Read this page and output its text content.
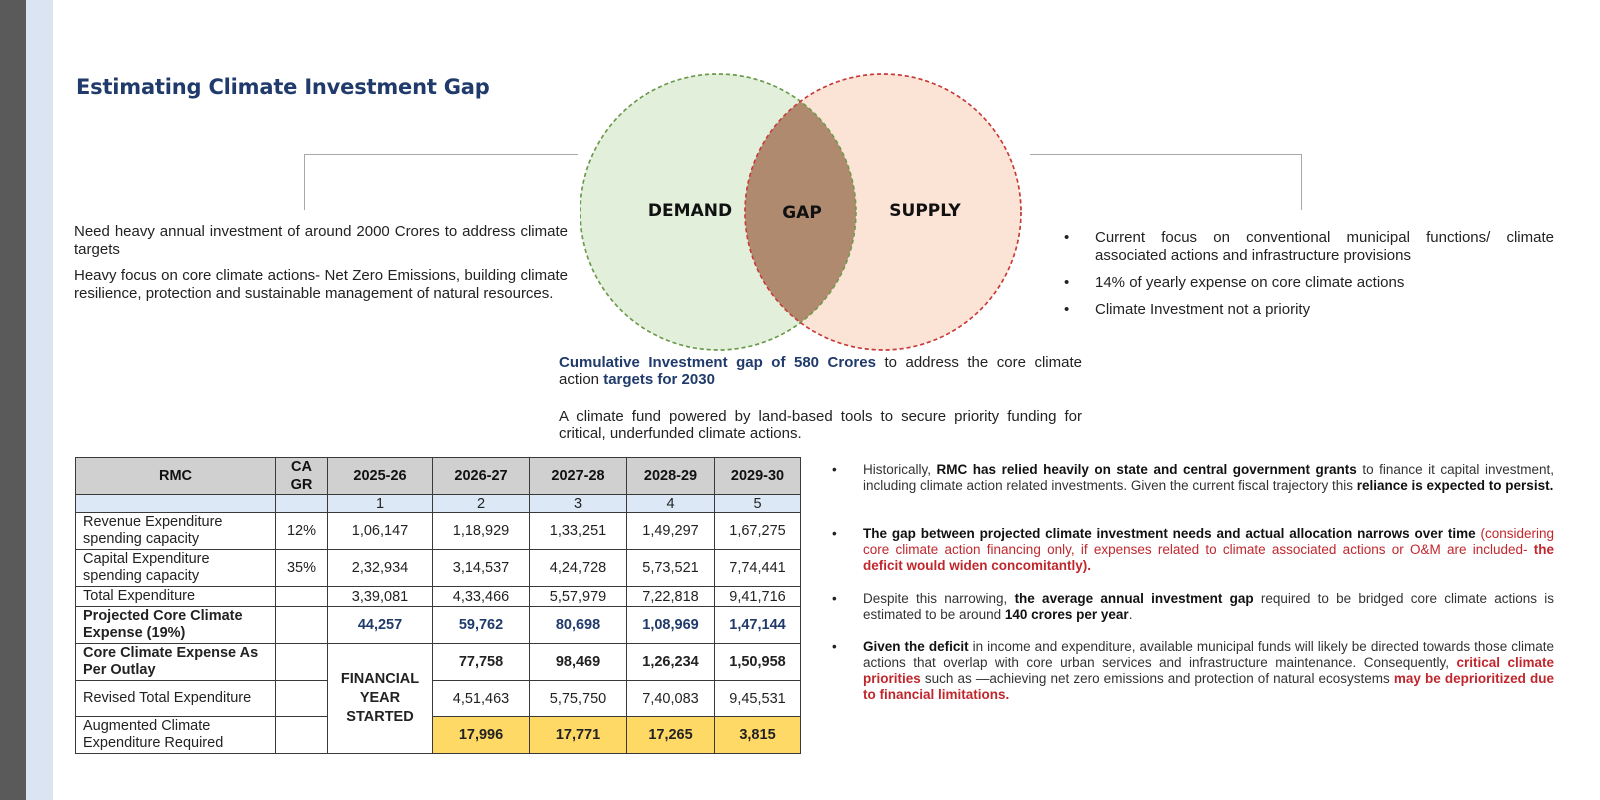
Estimating Climate Investment Gap

Need heavy annual investment of around 2000 Crores to address climate targets

Heavy focus on core climate actions- Net Zero Emissions, building climate resilience, protection and sustainable management of natural resources.

DEMAND	GAP	SUPPLY
• Current focus on conventional municipal functions/ climate associated actions and infrastructure provisions
• 14% of yearly expense on core climate actions
• Climate Investment not a priority

Cumulative Investment gap of 580 Crores to address the core climate action targets for 2030

A climate fund powered by land-based tools to secure priority funding for critical, underfunded climate actions.

RMC	CAGR	2025-26	2026-27	2027-28	2028-29	2029-30
		1	2	3	4	5
Revenue Expenditure spending capacity	12%	1,06,147	1,18,929	1,33,251	1,49,297	1,67,275
Capital Expenditure spending capacity	35%	2,32,934	3,14,537	4,24,728	5,73,521	7,74,441
Total Expenditure		3,39,081	4,33,466	5,57,979	7,22,818	9,41,716
Projected Core Climate Expense (19%)		44,257	59,762	80,698	1,08,969	1,47,144
Core Climate Expense As Per Outlay		FINANCIAL YEAR STARTED	77,758	98,469	1,26,234	1,50,958
Revised Total Expenditure			4,51,463	5,75,750	7,40,083	9,45,531
Augmented Climate Expenditure Required			17,996	17,771	17,265	3,815
• Historically, RMC has relied heavily on state and central government grants to finance it capital investment, including climate action related investments. Given the current fiscal trajectory this reliance is expected to persist.
• The gap between projected climate investment needs and actual allocation narrows over time (considering core climate action financing only, if expenses related to climate associated actions or O&M are included- the deficit would widen concomitantly).
• Despite this narrowing, the average annual investment gap required to be bridged core climate actions is estimated to be around 140 crores per year.
• Given the deficit in income and expenditure, available municipal funds will likely be directed towards those climate actions that overlap with core urban services and infrastructure maintenance. Consequently, critical climate priorities such as —achieving net zero emissions and protection of natural ecosystems may be deprioritized due to financial limitations.
